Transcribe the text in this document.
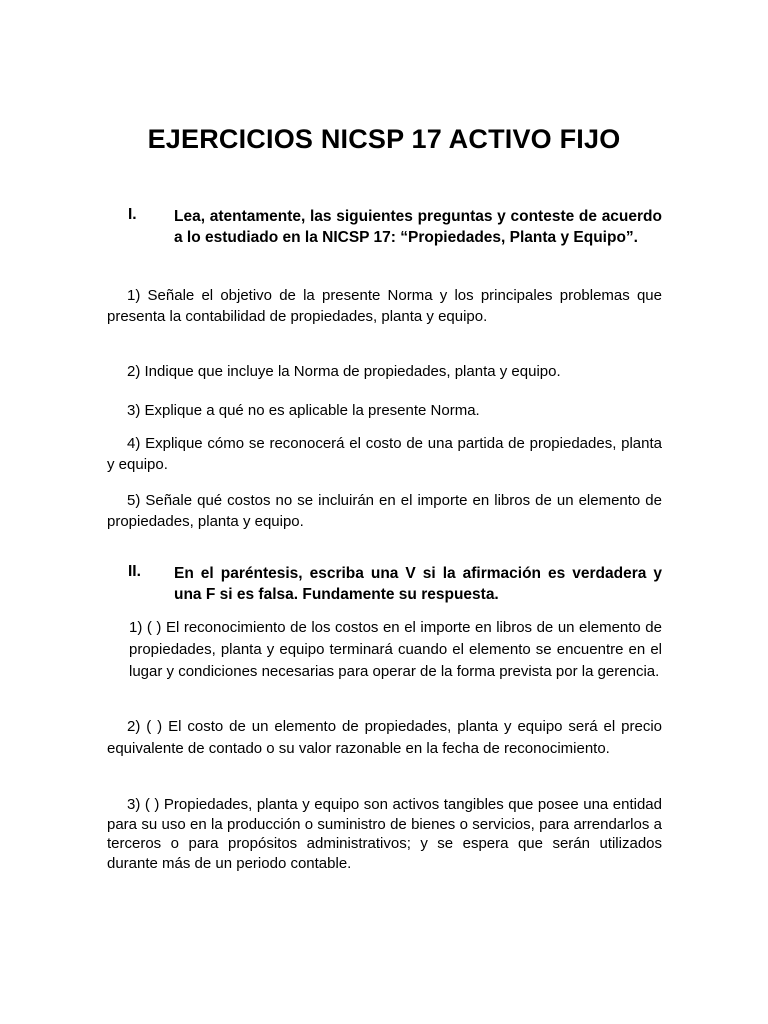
EJERCICIOS NICSP 17 ACTIVO FIJO
I. Lea, atentamente, las siguientes preguntas y conteste de acuerdo a lo estudiado en la NICSP 17: “Propiedades, Planta y Equipo”.
1) Señale el objetivo de la presente Norma y los principales problemas que presenta la contabilidad de propiedades, planta y equipo.
2) Indique que incluye la Norma de propiedades, planta y equipo.
3) Explique a qué no es aplicable la presente Norma.
4) Explique cómo se reconocerá el costo de una partida de propiedades, planta y equipo.
5) Señale qué costos no se incluirán en el importe en libros de un elemento de propiedades, planta y equipo.
II. En el paréntesis, escriba una V si la afirmación es verdadera y una F si es falsa. Fundamente su respuesta.
1) ( ) El reconocimiento de los costos en el importe en libros de un elemento de propiedades, planta y equipo terminará cuando el elemento se encuentre en el lugar y condiciones necesarias para operar de la forma prevista por la gerencia.
2) ( ) El costo de un elemento de propiedades, planta y equipo será el precio equivalente de contado o su valor razonable en la fecha de reconocimiento.
3) ( ) Propiedades, planta y equipo son activos tangibles que posee una entidad para su uso en la producción o suministro de bienes o servicios, para arrendarlos a terceros o para propósitos administrativos; y se espera que serán utilizados durante más de un periodo contable.
